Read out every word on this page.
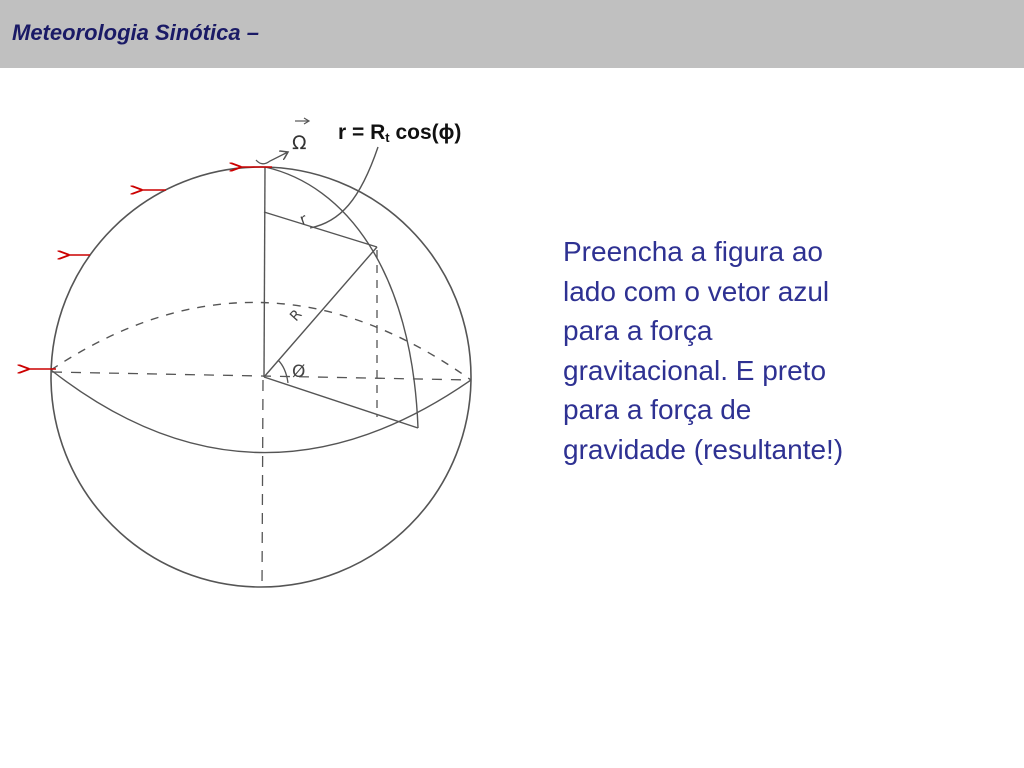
Meteorologia Sinótica –
Ω r = Rt cos(ϕ)
r
R
Ø
Preencha a figura ao
lado com o vetor azul
para a força
gravitacional. E preto
para a força de
gravidade (resultante!)
